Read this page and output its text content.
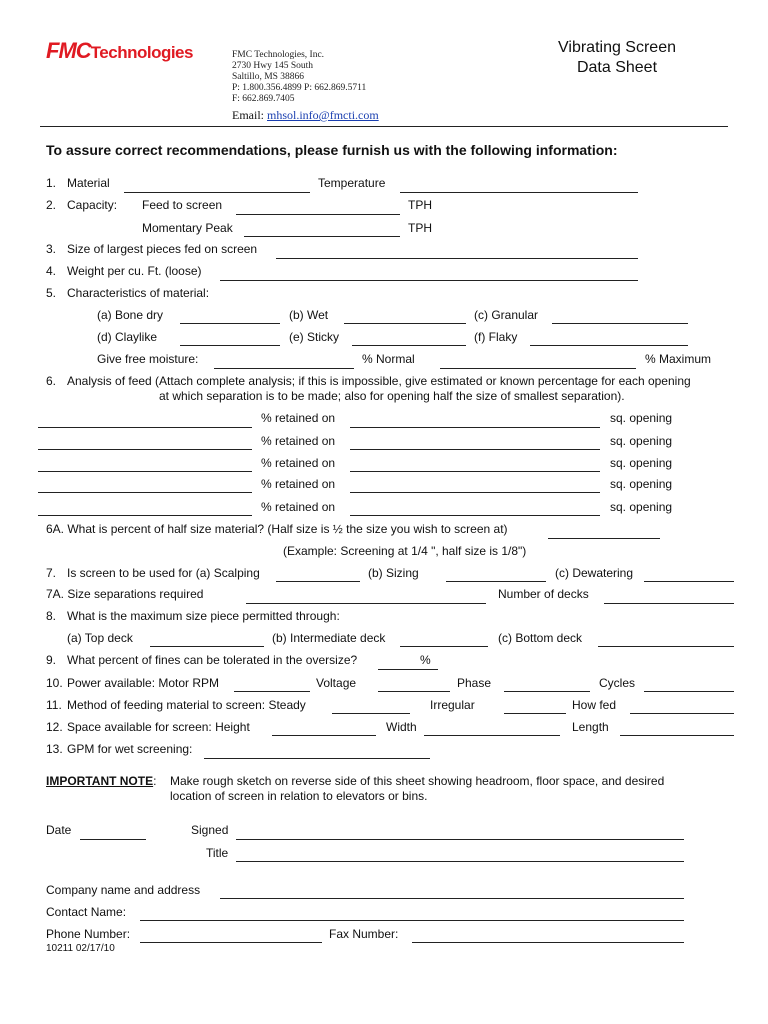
FMCTechnologies	FMC Technologies, Inc.
2730 Hwy 145 South
Saltillo, MS 38866
P: 1.800.356.4899 P: 662.869.5711
F: 662.869.7405
Email: mhsol.info@fmcti.com
Vibrating Screen
Data Sheet
To assure correct recommendations, please furnish us with the following information:
1. Material	Temperature
2. Capacity: Feed to screen	TPH
Momentary Peak	TPH
3. Size of largest pieces fed on screen
4. Weight per cu. Ft. (loose)
5. Characteristics of material:
(a) Bone dry	(b) Wet	(c) Granular
(d) Claylike	(e) Sticky	(f) Flaky
Give free moisture:	% Normal	% Maximum
6. Analysis of feed (Attach complete analysis; if this is impossible, give estimated or known percentage for each opening
at which separation is to be made; also for opening half the size of smallest separation).
% retained on	sq. opening
% retained on	sq. opening
% retained on	sq. opening
% retained on	sq. opening
% retained on	sq. opening
6A. What is percent of half size material? (Half size is ½ the size you wish to screen at)
(Example: Screening at 1/4 ", half size is 1/8")
7. Is screen to be used for (a) Scalping	(b) Sizing	(c) Dewatering
7A. Size separations required	Number of decks
8. What is the maximum size piece permitted through:
(a) Top deck	(b) Intermediate deck	(c) Bottom deck
9. What percent of fines can be tolerated in the oversize?	%
10. Power available: Motor RPM	Voltage	Phase	Cycles
11. Method of feeding material to screen: Steady	Irregular	How fed
12. Space available for screen: Height	Width	Length
13. GPM for wet screening:
IMPORTANT NOTE: Make rough sketch on reverse side of this sheet showing headroom, floor space, and desired
location of screen in relation to elevators or bins.
Date	Signed
Title
Company name and address
Contact Name:
Phone Number:	Fax Number:
10211 02/17/10
